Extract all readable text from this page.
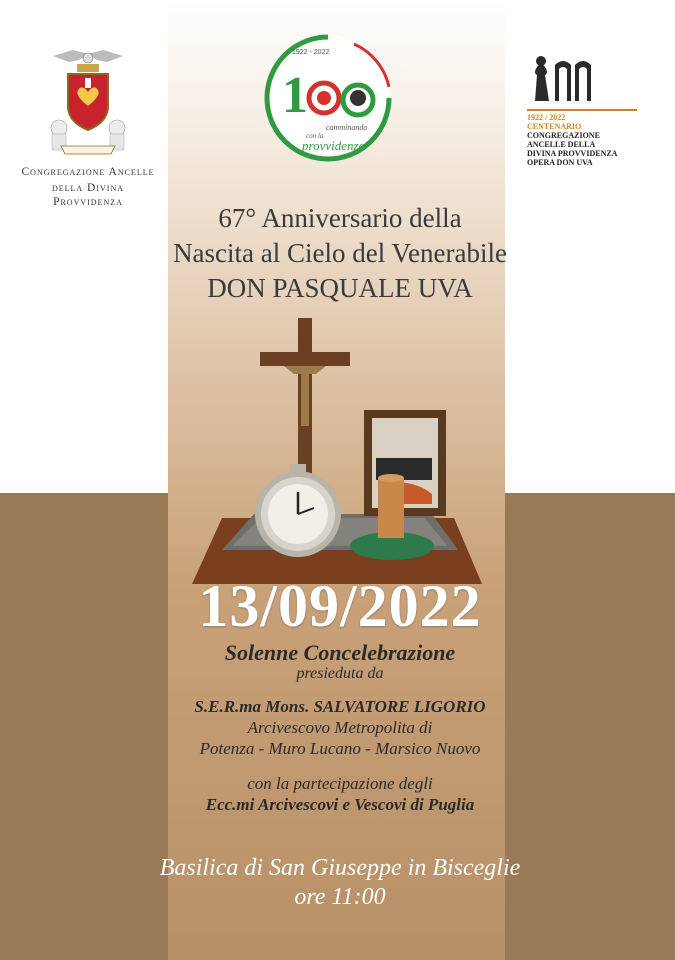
Congregazione Ancelle
della Divina Provvidenza
1922 - 2022
1
camminando
con la
provvidenza
1922 / 2022
CENTENARIO
CONGREGAZIONE
ANCELLE DELLA
DIVINA PROVVIDENZA
OPERA DON UVA
67° Anniversario della
Nascita al Cielo del Venerabile
DON PASQUALE UVA
13/09/2022
Solenne Concelebrazione
presieduta da
S.E.R.ma Mons. SALVATORE LIGORIO
Arcivescovo Metropolita di
Potenza - Muro Lucano - Marsico Nuovo
con la partecipazione degli
Ecc.mi Arcivescovi e Vescovi di Puglia
Basilica di San Giuseppe in Bisceglie
ore 11:00
